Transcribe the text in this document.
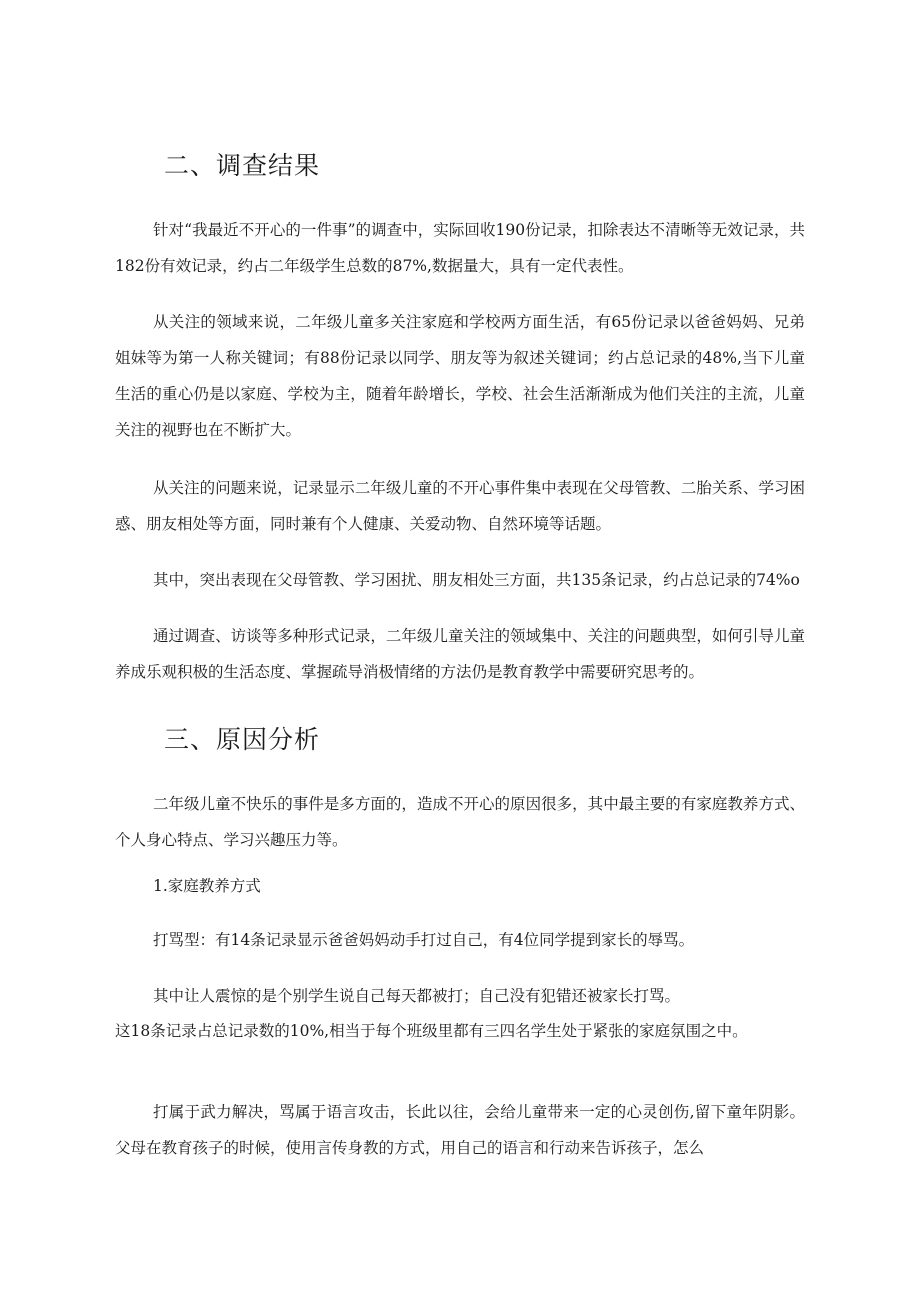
二、调查结果

针对“我最近不开心的一件事”的调查中，实际回收190份记录，扣除表达不清晰等无效记录，共182份有效记录，约占二年级学生总数的87%,数据量大，具有一定代表性。

从关注的领域来说，二年级儿童多关注家庭和学校两方面生活，有65份记录以爸爸妈妈、兄弟姐妹等为第一人称关键词；有88份记录以同学、朋友等为叙述关键词；约占总记录的48%,当下儿童生活的重心仍是以家庭、学校为主，随着年龄增长，学校、社会生活渐渐成为他们关注的主流，儿童关注的视野也在不断扩大。

从关注的问题来说，记录显示二年级儿童的不开心事件集中表现在父母管教、二胎关系、学习困惑、朋友相处等方面，同时兼有个人健康、关爱动物、自然环境等话题。

其中，突出表现在父母管教、学习困扰、朋友相处三方面，共135条记录，约占总记录的74%o

通过调查、访谈等多种形式记录，二年级儿童关注的领域集中、关注的问题典型，如何引导儿童养成乐观积极的生活态度、掌握疏导消极情绪的方法仍是教育教学中需要研究思考的。

三、原因分析

二年级儿童不快乐的事件是多方面的，造成不开心的原因很多，其中最主要的有家庭教养方式、个人身心特点、学习兴趣压力等。

1.家庭教养方式

打骂型：有14条记录显示爸爸妈妈动手打过自己，有4位同学提到家长的辱骂。

其中让人震惊的是个别学生说自己每天都被打；自己没有犯错还被家长打骂。

这18条记录占总记录数的10%,相当于每个班级里都有三四名学生处于紧张的家庭氛围之中。

打属于武力解决，骂属于语言攻击，长此以往，会给儿童带来一定的心灵创伤,留下童年阴影。父母在教育孩子的时候，使用言传身教的方式，用自己的语言和行动来告诉孩子，怎么
